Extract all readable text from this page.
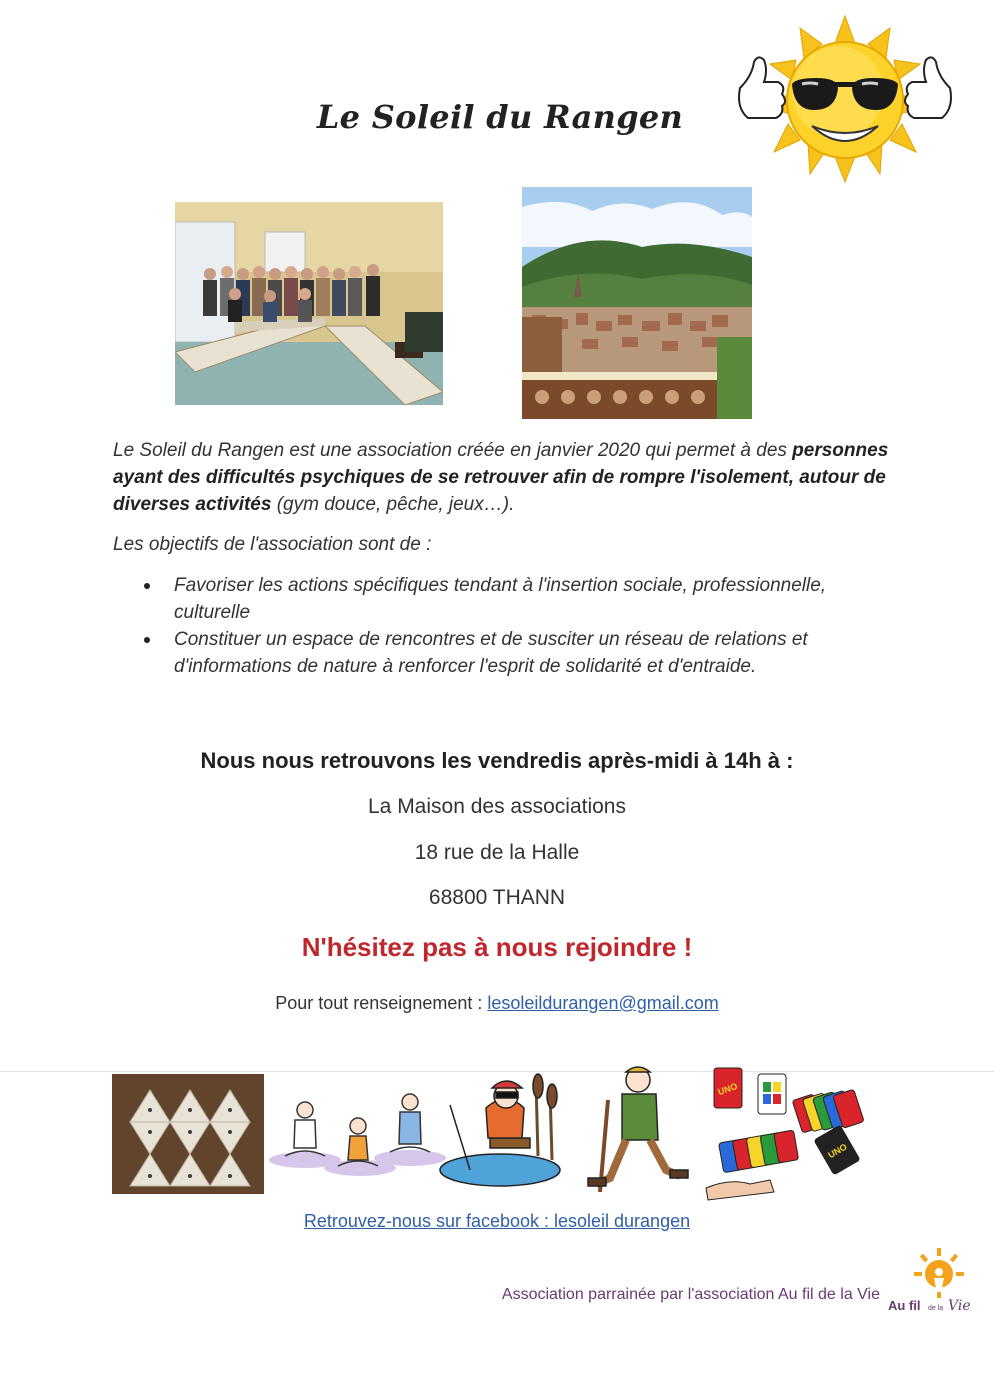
Le Soleil du Rangen
Le Soleil du Rangen est une association créée en janvier 2020 qui permet à des personnes ayant des difficultés psychiques de se retrouver afin de rompre l'isolement, autour de diverses activités (gym douce, pêche, jeux…).
Les objectifs de l'association sont de :
Favoriser les actions spécifiques tendant à l'insertion sociale, professionnelle, culturelle
Constituer un espace de rencontres et de susciter un réseau de relations et d'informations de nature à renforcer l'esprit de solidarité et d'entraide.
Nous nous retrouvons les vendredis après-midi à 14h à :
La Maison des associations
18 rue de la Halle
68800 THANN
N'hésitez pas à nous rejoindre !
Pour tout renseignement : lesoleildurangen@gmail.com
UNO
UNO
Retrouvez-nous sur facebook : lesoleil durangen
Association parrainée par l'association Au fil de la Vie
Au fil de la Vie
